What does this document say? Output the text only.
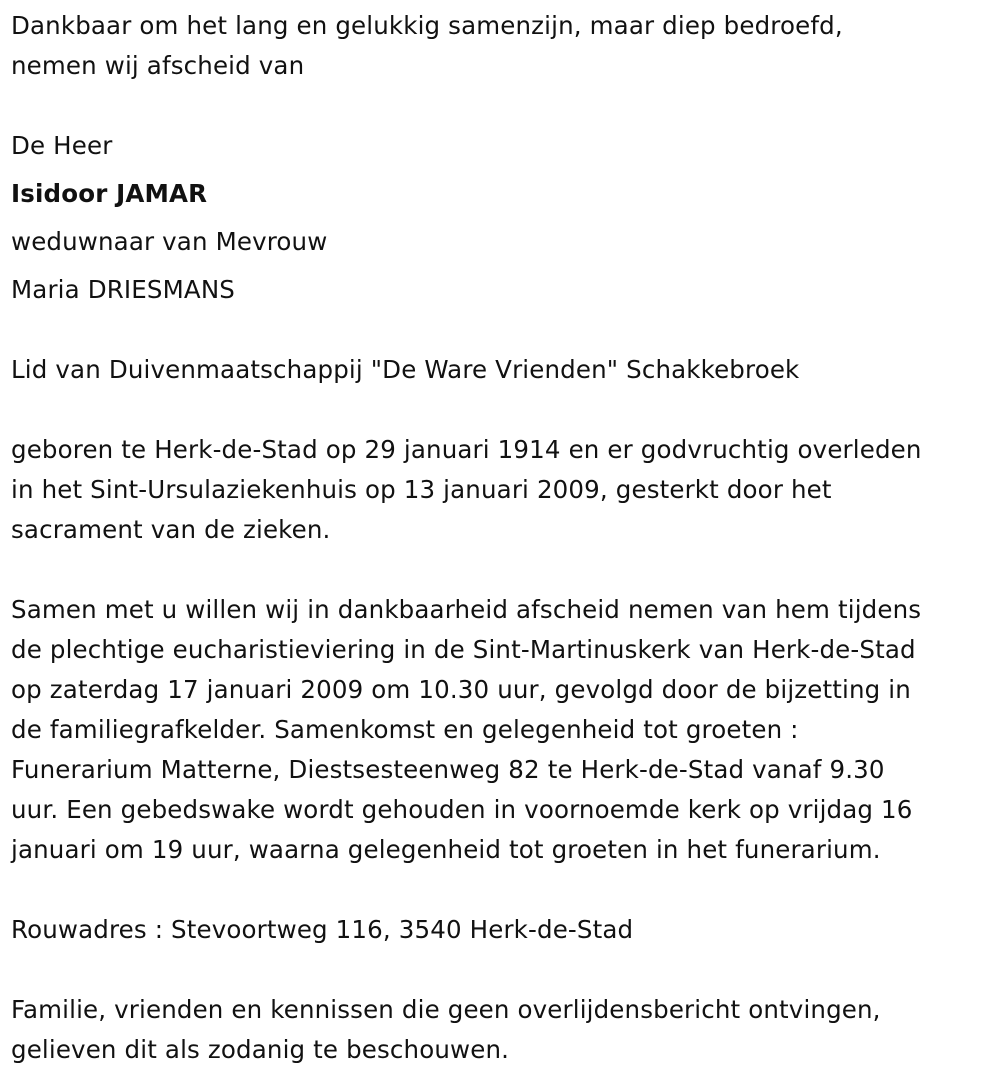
Dankbaar om het lang en gelukkig samenzijn, maar diep bedroefd,
nemen wij afscheid van
De Heer
Isidoor JAMAR
weduwnaar van Mevrouw
Maria DRIESMANS
Lid van Duivenmaatschappij "De Ware Vrienden" Schakkebroek
geboren te Herk-de-Stad op 29 januari 1914 en er godvruchtig overleden
in het Sint-Ursulaziekenhuis op 13 januari 2009, gesterkt door het
sacrament van de zieken.
Samen met u willen wij in dankbaarheid afscheid nemen van hem tijdens
de plechtige eucharistieviering in de Sint-Martinuskerk van Herk-de-Stad
op zaterdag 17 januari 2009 om 10.30 uur, gevolgd door de bijzetting in
de familiegrafkelder. Samenkomst en gelegenheid tot groeten :
Funerarium Matterne, Diestsesteenweg 82 te Herk-de-Stad vanaf 9.30
uur. Een gebedswake wordt gehouden in voornoemde kerk op vrijdag 16
januari om 19 uur, waarna gelegenheid tot groeten in het funerarium.
Rouwadres : Stevoortweg 116, 3540 Herk-de-Stad
Familie, vrienden en kennissen die geen overlijdensbericht ontvingen,
gelieven dit als zodanig te beschouwen.
